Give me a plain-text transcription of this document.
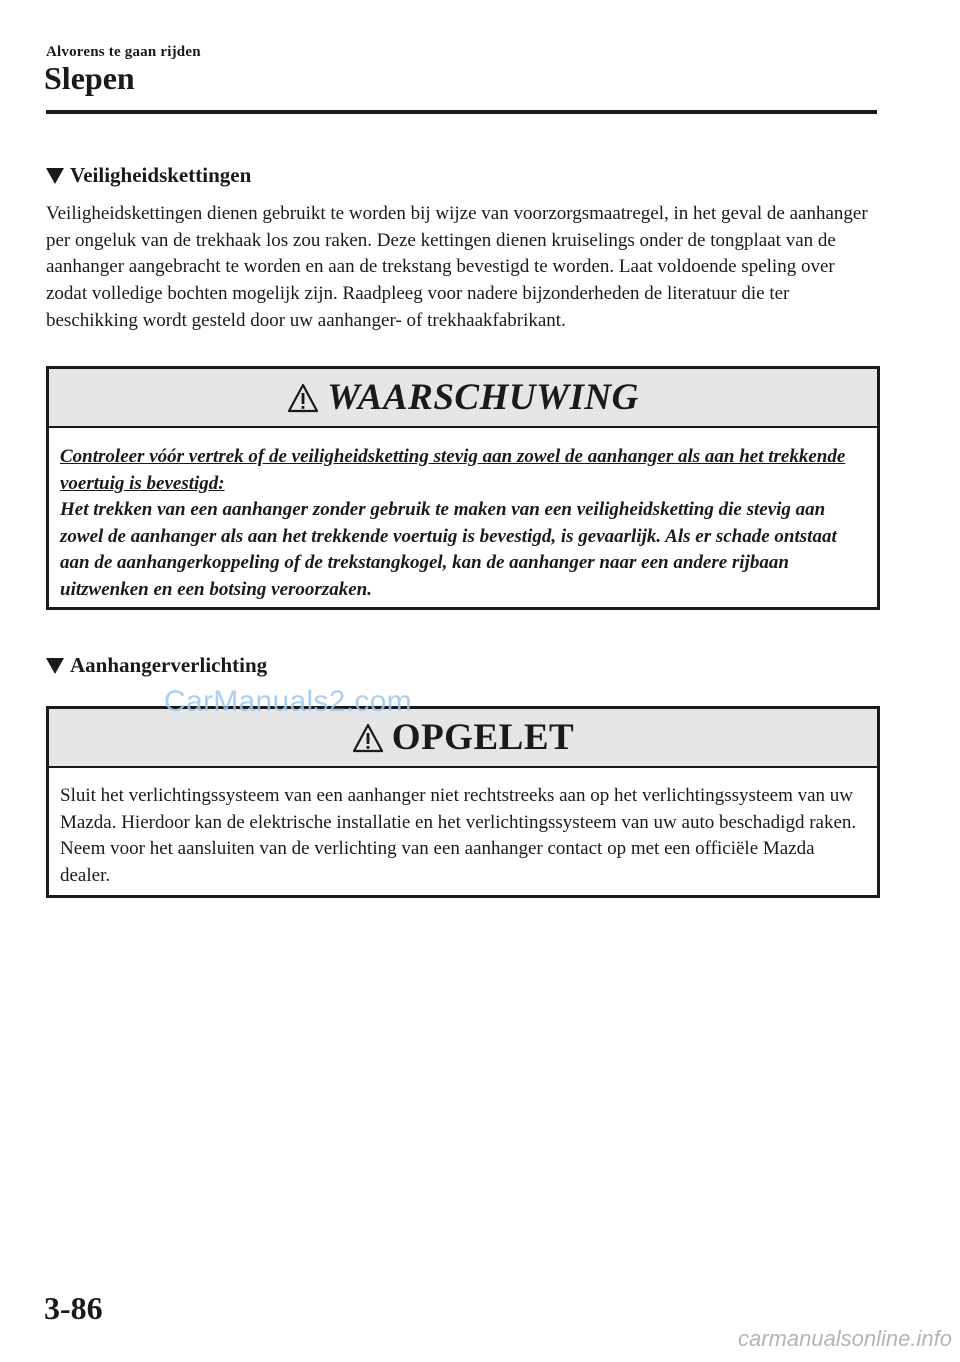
Alvorens te gaan rijden
Slepen
Veiligheidskettingen

Veiligheidskettingen dienen gebruikt te worden bij wijze van voorzorgsmaatregel, in het geval de aanhanger per ongeluk van de trekhaak los zou raken. Deze kettingen dienen kruiselings onder de tongplaat van de aanhanger aangebracht te worden en aan de trekstang bevestigd te worden. Laat voldoende speling over zodat volledige bochten mogelijk zijn. Raadpleeg voor nadere bijzonderheden de literatuur die ter beschikking wordt gesteld door uw aanhanger- of trekhaakfabrikant.

WAARSCHUWING
Controleer vóór vertrek of de veiligheidsketting stevig aan zowel de aanhanger als aan het trekkende voertuig is bevestigd:
Het trekken van een aanhanger zonder gebruik te maken van een veiligheidsketting die stevig aan zowel de aanhanger als aan het trekkende voertuig is bevestigd, is gevaarlijk. Als er schade ontstaat aan de aanhangerkoppeling of de trekstangkogel, kan de aanhanger naar een andere rijbaan uitzwenken en een botsing veroorzaken.
Aanhangerverlichting
OPGELET
Sluit het verlichtingssysteem van een aanhanger niet rechtstreeks aan op het verlichtingssysteem van uw Mazda. Hierdoor kan de elektrische installatie en het verlichtingssysteem van uw auto beschadigd raken. Neem voor het aansluiten van de verlichting van een aanhanger contact op met een officiële Mazda dealer.
CarManuals2.com
3-86
carmanualsonline.info
